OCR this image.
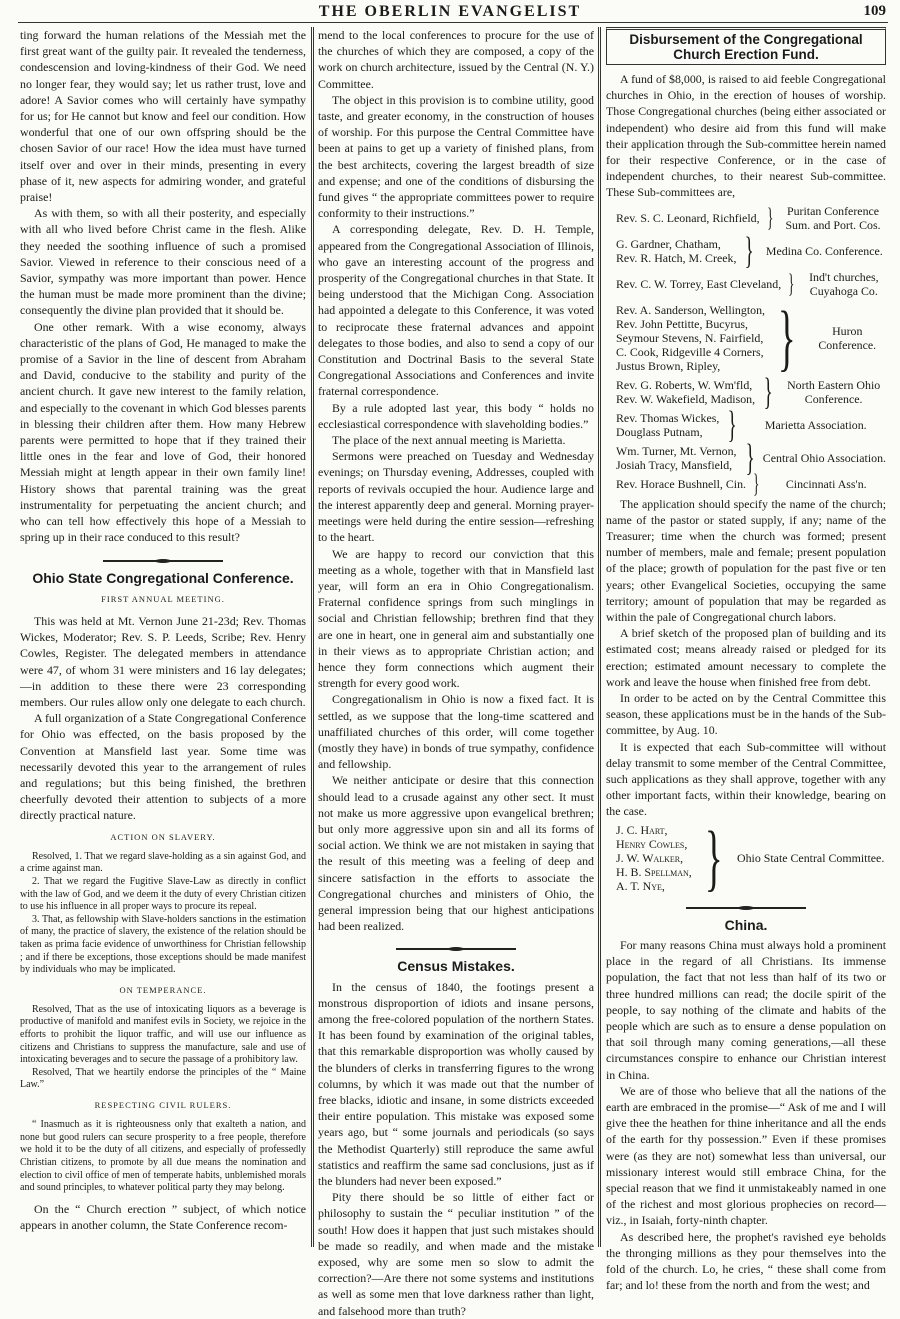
THE OBERLIN EVANGELIST	109

ting forward the human relations of the Messiah met the first great want of the guilty pair. It revealed the tenderness, condescension and loving-kindness of their God. We need no longer fear, they would say; let us rather trust, love and adore! A Savior comes who will certainly have sympathy for us; for He cannot but know and feel our condition. How wonderful that one of our own offspring should be the chosen Savior of our race! How the idea must have turned itself over and over in their minds, presenting in every phase of it, new aspects for admiring wonder, and grateful praise!

As with them, so with all their posterity, and especially with all who lived before Christ came in the flesh. Alike they needed the soothing influence of such a promised Savior. Viewed in reference to their conscious need of a Savior, sympathy was more important than power. Hence the human must be made more prominent than the divine; consequently the divine plan provided that it should be.

One other remark. With a wise economy, always characteristic of the plans of God, He managed to make the promise of a Savior in the line of descent from Abraham and David, conducive to the stability and purity of the ancient church. It gave new interest to the family relation, and especially to the covenant in which God blesses parents in blessing their children after them. How many Hebrew parents were permitted to hope that if they trained their little ones in the fear and love of God, their honored Messiah might at length appear in their own family line! History shows that parental training was the great instrumentality for perpetuating the ancient church; and who can tell how effectively this hope of a Messiah to spring up in their race conduced to this result?

Ohio State Congregational Conference.
FIRST ANNUAL MEETING.

This was held at Mt. Vernon June 21-23d; Rev. Thomas Wickes, Moderator; Rev. S. P. Leeds, Scribe; Rev. Henry Cowles, Register. The delegated members in attendance were 47, of whom 31 were ministers and 16 lay delegates;—in addition to these there were 23 corresponding members. Our rules allow only one delegate to each church.

A full organization of a State Congregational Conference for Ohio was effected, on the basis proposed by the Convention at Mansfield last year. Some time was necessarily devoted this year to the arrangement of rules and regulations; but this being finished, the brethren cheerfully devoted their attention to subjects of a more directly practical nature.

ACTION ON SLAVERY.

Resolved, 1. That we regard slave-holding as a sin against God, and a crime against man.

2. That we regard the Fugitive Slave-Law as directly in conflict with the law of God, and we deem it the duty of every Christian citizen to use his influence in all proper ways to procure its repeal.

3. That, as fellowship with Slave-holders sanctions in the estimation of many, the practice of slavery, the existence of the relation should be taken as prima facie evidence of unworthiness for Christian fellowship ; and if there be exceptions, those exceptions should be made manifest by individuals who may be implicated.

ON TEMPERANCE.

Resolved, That as the use of intoxicating liquors as a beverage is productive of manifold and manifest evils in Society, we rejoice in the efforts to prohibit the liquor traffic, and will use our influence as citizens and Christians to suppress the manufacture, sale and use of intoxicating beverages and to secure the passage of a prohibitory law.

Resolved, That we heartily endorse the principles of the “ Maine Law.”

RESPECTING CIVIL RULERS.

“ Inasmuch as it is righteousness only that exalteth a nation, and none but good rulers can secure prosperity to a free people, therefore we hold it to be the duty of all citizens, and especially of professedly Christian citizens, to promote by all due means the nomination and election to civil office of men of temperate habits, unblemished morals and sound principles, to whatever political party they may belong.

On the “ Church erection ” subject, of which notice appears in another column, the State Conference recom-

mend to the local conferences to procure for the use of the churches of which they are composed, a copy of the work on church architecture, issued by the Central (N. Y.) Committee.

The object in this provision is to combine utility, good taste, and greater economy, in the construction of houses of worship. For this purpose the Central Committee have been at pains to get up a variety of finished plans, from the best architects, covering the largest breadth of size and expense; and one of the conditions of disbursing the fund gives “ the appropriate committees power to require conformity to their instructions.”

A corresponding delegate, Rev. D. H. Temple, appeared from the Congregational Association of Illinois, who gave an interesting account of the progress and prosperity of the Congregational churches in that State. It being understood that the Michigan Cong. Association had appointed a delegate to this Conference, it was voted to reciprocate these fraternal advances and appoint delegates to those bodies, and also to send a copy of our Constitution and Doctrinal Basis to the several State Congregational Associations and Conferences and invite fraternal correspondence.

By a rule adopted last year, this body “ holds no ecclesiastical correspondence with slaveholding bodies.”

The place of the next annual meeting is Marietta.

Sermons were preached on Tuesday and Wednesday evenings; on Thursday evening, Addresses, coupled with reports of revivals occupied the hour. Audience large and the interest apparently deep and general. Morning prayer-meetings were held during the entire session—refreshing to the heart.

We are happy to record our conviction that this meeting as a whole, together with that in Mansfield last year, will form an era in Ohio Congregationalism. Fraternal confidence springs from such minglings in social and Christian fellowship; brethren find that they are one in heart, one in general aim and substantially one in their views as to appropriate Christian action; and hence they form connections which augment their strength for every good work.

Congregationalism in Ohio is now a fixed fact. It is settled, as we suppose that the long-time scattered and unaffiliated churches of this order, will come together (mostly they have) in bonds of true sympathy, confidence and fellowship.

We neither anticipate or desire that this connection should lead to a crusade against any other sect. It must not make us more aggressive upon evangelical brethren; but only more aggressive upon sin and all its forms of social action. We think we are not mistaken in saying that the result of this meeting was a feeling of deep and sincere satisfaction in the efforts to associate the Congregational churches and ministers of Ohio, the general impression being that our highest anticipations had been realized.

Census Mistakes.

In the census of 1840, the footings present a monstrous disproportion of idiots and insane persons, among the free-colored population of the northern States. It has been found by examination of the original tables, that this remarkable disproportion was wholly caused by the blunders of clerks in transferring figures to the wrong columns, by which it was made out that the number of free blacks, idiotic and insane, in some districts exceeded their entire population. This mistake was exposed some years ago, but “ some journals and periodicals (so says the Methodist Quarterly) still reproduce the same awful statistics and reaffirm the same sad conclusions, just as if the blunders had never been exposed.”

Pity there should be so little of either fact or philosophy to sustain the “ peculiar institution ” of the south! How does it happen that just such mistakes should be made so readily, and when made and the mistake exposed, why are some men so slow to admit the correction?—Are there not some systems and institutions as well as some men that love darkness rather than light, and falsehood more than truth?

Disbursement of the Congregational Church Erection Fund.

A fund of $8,000, is raised to aid feeble Congregational churches in Ohio, in the erection of houses of worship. Those Congregational churches (being either associated or independent) who desire aid from this fund will make their application through the Sub-committee herein named for their respective Conference, or in the case of independent churches, to their nearest Sub-committee. These Sub-committees are,

Rev. S. C. Leonard, Richfield, }	Puritan Conference Sum. and Port. Cos.
G. Gardner, Chatham,
Rev. R. Hatch, M. Creek, } Medina Co. Conference.
Rev. C. W. Torrey, East Cleveland, }	Ind't churches, Cuyahoga Co.
Rev. A. Sanderson, Wellington,
Rev. John Pettitte, Bucyrus,
Seymour Stevens, N. Fairfield,
C. Cook, Ridgeville 4 Corners,
Justus Brown, Ripley, }	Huron Conference.
Rev. G. Roberts, W. Wm'fld,
Rev. W. Wakefield, Madison, }	North Eastern Ohio Conference.
Rev. Thomas Wickes,
Douglass Putnam, }	Marietta Association.
Wm. Turner, Mt. Vernon,
Josiah Tracy, Mansfield, } Central Ohio Association.
Rev. Horace Bushnell, Cin. }	Cincinnati Ass'n.

The application should specify the name of the church; name of the pastor or stated supply, if any; name of the Treasurer; time when the church was formed; present number of members, male and female; present population of the place; growth of population for the past five or ten years; other Evangelical Societies, occupying the same territory; amount of population that may be regarded as within the pale of Congregational church labors.

A brief sketch of the proposed plan of building and its estimated cost; means already raised or pledged for its erection; estimated amount necessary to complete the work and leave the house when finished free from debt.

In order to be acted on by the Central Committee this season, these applications must be in the hands of the Sub-committee, by Aug. 10.

It is expected that each Sub-committee will without delay transmit to some member of the Central Committee, such applications as they shall approve, together with any other important facts, within their knowledge, bearing on the case.

J. C. Hart,
Henry Cowles,
J. W. Walker,
H. B. Spellman,
A. T. Nye, } Ohio State Central Committee.
China.

For many reasons China must always hold a prominent place in the regard of all Christians. Its immense population, the fact that not less than half of its two or three hundred millions can read; the docile spirit of the people, to say nothing of the climate and habits of the people which are such as to ensure a dense population on that soil through many coming generations,—all these circumstances conspire to enhance our Christian interest in China.

We are of those who believe that all the nations of the earth are embraced in the promise—“ Ask of me and I will give thee the heathen for thine inheritance and all the ends of the earth for thy possession.” Even if these promises were (as they are not) somewhat less than universal, our missionary interest would still embrace China, for the special reason that we find it unmistakeably named in one of the richest and most glorious prophecies on record—viz., in Isaiah, forty-ninth chapter.

As described here, the prophet's ravished eye beholds the thronging millions as they pour themselves into the fold of the church. Lo, he cries, “ these shall come from far; and lo! these from the north and from the west; and
